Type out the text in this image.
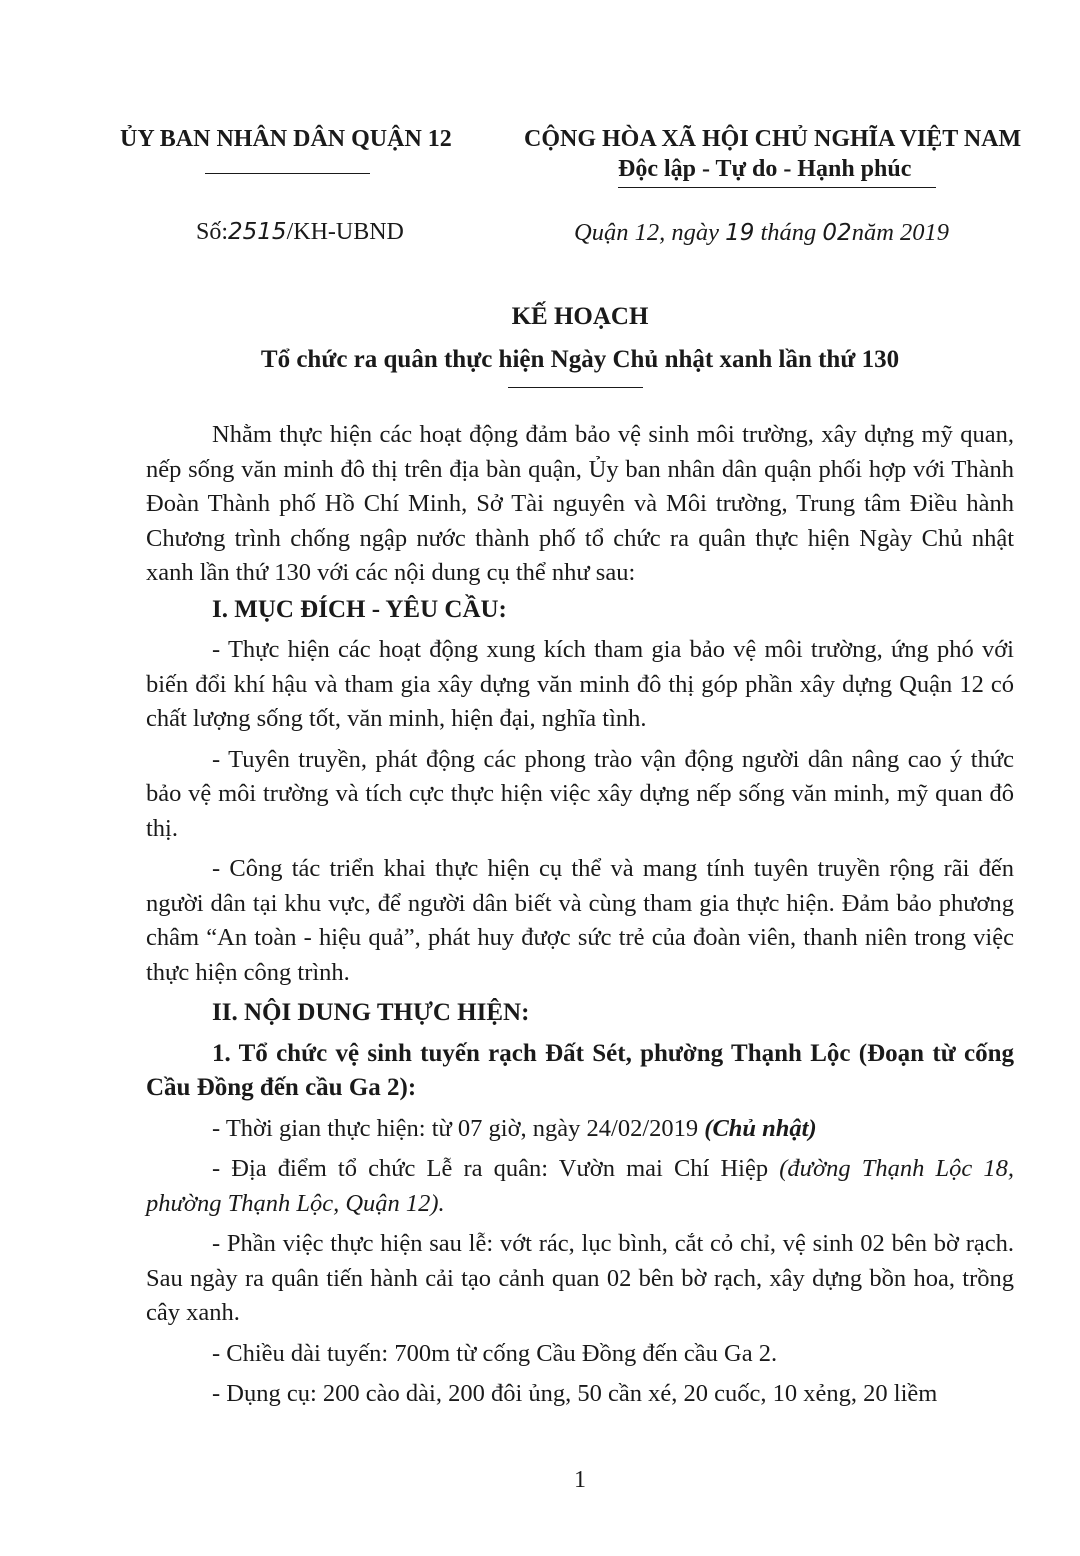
ỦY BAN NHÂN DÂN QUẬN 12	CỘNG HÒA XÃ HỘI CHỦ NGHĨA VIỆT NAM
Độc lập - Tự do - Hạnh phúc
Số:2515/KH-UBND	Quận 12, ngày 19 tháng 02năm 2019
KẾ HOẠCH
Tổ chức ra quân thực hiện Ngày Chủ nhật xanh lần thứ 130

Nhằm thực hiện các hoạt động đảm bảo vệ sinh môi trường, xây dựng mỹ quan, nếp sống văn minh đô thị trên địa bàn quận, Ủy ban nhân dân quận phối hợp với Thành Đoàn Thành phố Hồ Chí Minh, Sở Tài nguyên và Môi trường, Trung tâm Điều hành Chương trình chống ngập nước thành phố tổ chức ra quân thực hiện Ngày Chủ nhật xanh lần thứ 130 với các nội dung cụ thể như sau:

I. MỤC ĐÍCH - YÊU CẦU:

- Thực hiện các hoạt động xung kích tham gia bảo vệ môi trường, ứng phó với biến đổi khí hậu và tham gia xây dựng văn minh đô thị góp phần xây dựng Quận 12 có chất lượng sống tốt, văn minh, hiện đại, nghĩa tình.

- Tuyên truyền, phát động các phong trào vận động người dân nâng cao ý thức bảo vệ môi trường và tích cực thực hiện việc xây dựng nếp sống văn minh, mỹ quan đô thị.

- Công tác triển khai thực hiện cụ thể và mang tính tuyên truyền rộng rãi đến người dân tại khu vực, để người dân biết và cùng tham gia thực hiện. Đảm bảo phương châm “An toàn - hiệu quả”, phát huy được sức trẻ của đoàn viên, thanh niên trong việc thực hiện công trình.

II. NỘI DUNG THỰC HIỆN:

1. Tổ chức vệ sinh tuyến rạch Đất Sét, phường Thạnh Lộc (Đoạn từ cống Cầu Đồng đến cầu Ga 2):

- Thời gian thực hiện: từ 07 giờ, ngày 24/02/2019 (Chủ nhật)

- Địa điểm tổ chức Lễ ra quân: Vườn mai Chí Hiệp (đường Thạnh Lộc 18, phường Thạnh Lộc, Quận 12).

- Phần việc thực hiện sau lễ: vớt rác, lục bình, cắt cỏ chỉ, vệ sinh 02 bên bờ rạch. Sau ngày ra quân tiến hành cải tạo cảnh quan 02 bên bờ rạch, xây dựng bồn hoa, trồng cây xanh.

- Chiều dài tuyến: 700m từ cống Cầu Đồng đến cầu Ga 2.

- Dụng cụ: 200 cào dài, 200 đôi ủng, 50 cần xé, 20 cuốc, 10 xẻng, 20 liềm

1
